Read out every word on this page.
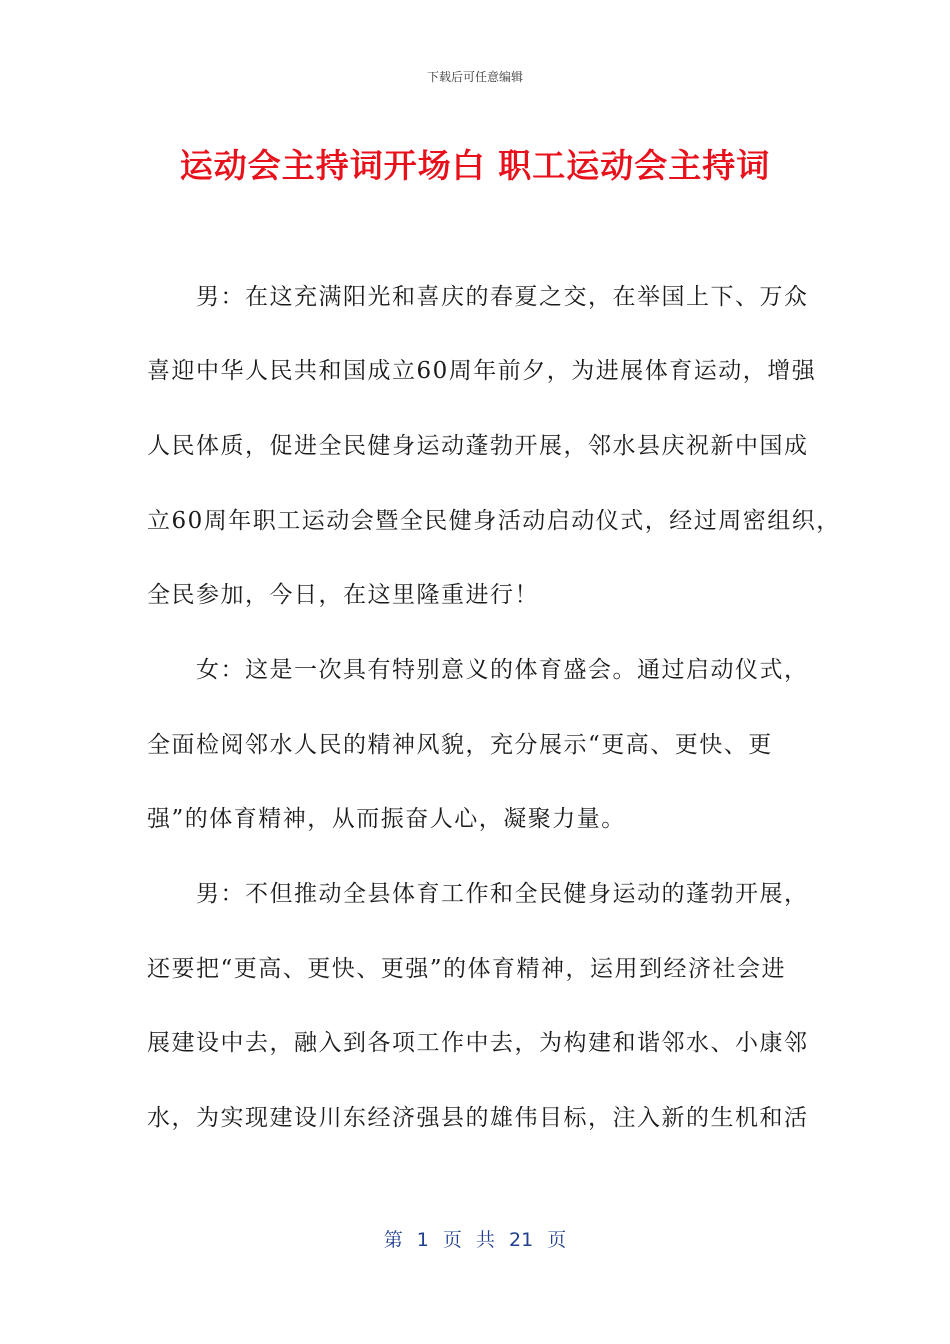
下载后可任意编辑
运动会主持词开场白 职工运动会主持词
　　男：在这充满阳光和喜庆的春夏之交，在举国上下、万众
喜迎中华人民共和国成立60周年前夕，为进展体育运动，增强
人民体质，促进全民健身运动蓬勃开展，邻水县庆祝新中国成
立60周年职工运动会暨全民健身活动启动仪式，经过周密组织，
全民参加，今日，在这里隆重进行！
　　女：这是一次具有特别意义的体育盛会。通过启动仪式，
全面检阅邻水人民的精神风貌，充分展示“更高、更快、更
强”的体育精神，从而振奋人心，凝聚力量。
　　男：不但推动全县体育工作和全民健身运动的蓬勃开展，
还要把“更高、更快、更强”的体育精神，运用到经济社会进
展建设中去，融入到各项工作中去，为构建和谐邻水、小康邻
水，为实现建设川东经济强县的雄伟目标，注入新的生机和活
第 1 页 共 21 页
